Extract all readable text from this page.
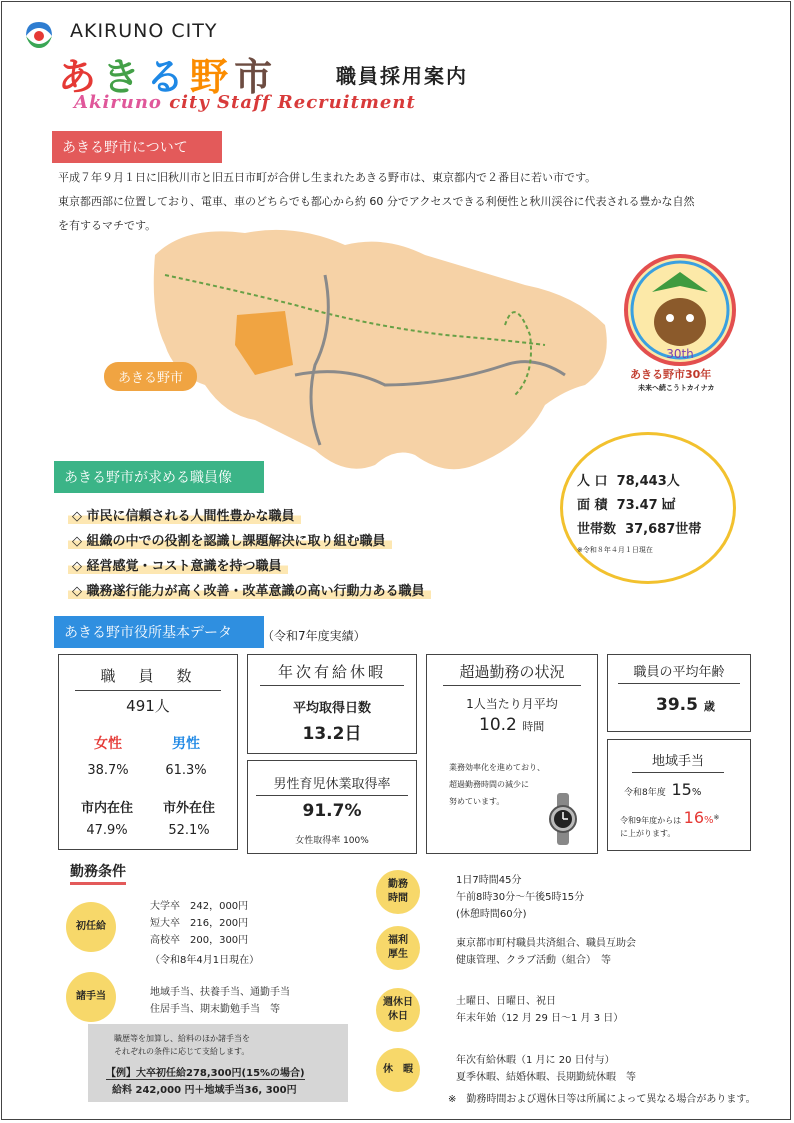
AKIRUNO CITY
あきる野市	職員採用案内
Akiruno city Staff Recruitment
あきる野市について
平成７年９月１日に旧秋川市と旧五日市町が合併し生まれたあきる野市は、東京都内で２番目に若い市です。
東京都西部に位置しており、電車、車のどちらでも都心から約 60 分でアクセスできる利便性と秋川渓谷に代表される豊かな自然
を有するマチです。
あきる野市
30th
あきる野市30年
未来へ続こうトカイナカ
人 口 78,443人
面 積 73.47 ㎢
世帯数 37,687世帯
※令和８年４月１日現在
あきる野市が求める職員像
◇ 市民に信頼される人間性豊かな職員
◇ 組織の中での役割を認識し課題解決に取り組む職員
◇ 経営感覚・コスト意識を持つ職員
◇ 職務遂行能力が高く改善・改革意識の高い行動力ある職員
あきる野市役所基本データ	（令和7年度実績）
職　員　数
491人
女性	男性
38.7%	61.3%
市内在住	市外在住
47.9%	52.1%
年次有給休暇
平均取得日数
13.2日
男性育児休業取得率
91.7%
女性取得率 100%
超過勤務の状況
1人当たり月平均
10.2 時間
業務効率化を進めており、
超過勤務時間の減少に
努めています。
職員の平均年齢
39.5 歳
地域手当
令和8年度 15%
令和9年度からは 16%※
に上がります。
勤務条件
初任給
大学卒　242，000円
短大卒　216，200円
高校卒　200，300円
（令和8年4月1日現在）
諸手当	地域手当、扶養手当、通勤手当
住居手当、期末勤勉手当　等
職歴等を加算し、給料のほか諸手当を
それぞれの条件に応じて支給します。
【例】大卒初任給278,300円(15%の場合)
給料 242,000 円＋地域手当36, 300円
勤務
時間
1日7時間45分
午前8時30分～午後5時15分
(休憩時間60分)
福利
厚生
東京都市町村職員共済組合、職員互助会
健康管理、クラブ活動（組合）　等
週休日
休日
土曜日、日曜日、祝日
年末年始（12 月 29 日～1 月 3 日）
休　暇
年次有給休暇（1 月に 20 日付与）
夏季休暇、結婚休暇、長期勤続休暇　等
※　勤務時間および週休日等は所属によって異なる場合があります。
